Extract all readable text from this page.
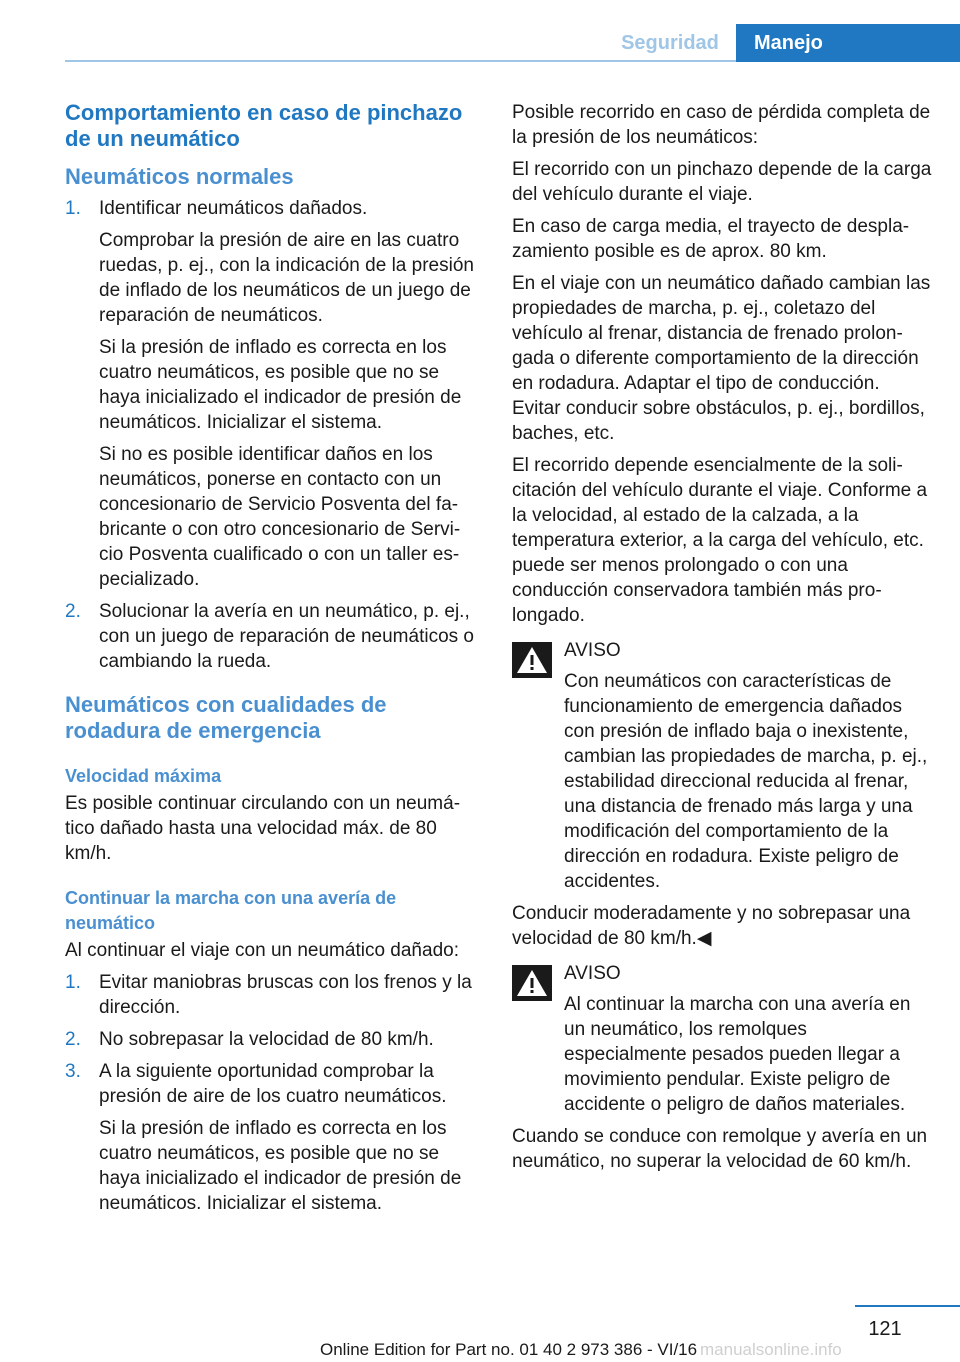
Seguridad	Manejo
Comportamiento en caso de pinchazo de un neumático
Neumáticos normales
1. Identificar neumáticos dañados.

Comprobar la presión de aire en las cuatro ruedas, p. ej., con la indicación de la presión de inflado de los neumáticos de un juego de reparación de neumáticos.

Si la presión de inflado es correcta en los cuatro neumáticos, es posible que no se haya inicializado el indicador de presión de neumáticos. Inicializar el sistema.

Si no es posible identificar daños en los neumáticos, ponerse en contacto con un concesionario de Servicio Posventa del fabricante o con otro concesionario de Servicio Posventa cualificado o con un taller especializado.

2. Solucionar la avería en un neumático, p. ej., con un juego de reparación de neumáticos o cambiando la rueda.

Neumáticos con cualidades de rodadura de emergencia
Velocidad máxima

Es posible continuar circulando con un neumático dañado hasta una velocidad máx. de 80 km/h.

Continuar la marcha con una avería de neumático

Al continuar el viaje con un neumático dañado:

1. Evitar maniobras bruscas con los frenos y la dirección.

2. No sobrepasar la velocidad de 80 km/h.

3. A la siguiente oportunidad comprobar la presión de aire de los cuatro neumáticos.

Si la presión de inflado es correcta en los cuatro neumáticos, es posible que no se haya inicializado el indicador de presión de neumáticos. Inicializar el sistema.

Posible recorrido en caso de pérdida completa de la presión de los neumáticos:

El recorrido con un pinchazo depende de la carga del vehículo durante el viaje.

En caso de carga media, el trayecto de desplazamiento posible es de aprox. 80 km.

En el viaje con un neumático dañado cambian las propiedades de marcha, p. ej., coletazo del vehículo al frenar, distancia de frenado prolongada o diferente comportamiento de la dirección en rodadura. Adaptar el tipo de conducción. Evitar conducir sobre obstáculos, p. ej., bordillos, baches, etc.

El recorrido depende esencialmente de la solicitación del vehículo durante el viaje. Conforme a la velocidad, al estado de la calzada, a la temperatura exterior, a la carga del vehículo, etc. puede ser menos prolongado o con una conducción conservadora también más prolongado.

AVISO

Con neumáticos con características de funcionamiento de emergencia dañados con presión de inflado baja o inexistente, cambian las propiedades de marcha, p. ej., estabilidad direccional reducida al frenar, una distancia de frenado más larga y una modificación del comportamiento de la dirección en rodadura. Existe peligro de accidentes.

Conducir moderadamente y no sobrepasar una velocidad de 80 km/h.◀

AVISO

Al continuar la marcha con una avería en un neumático, los remolques especialmente pesados pueden llegar a movimiento pendular. Existe peligro de accidente o peligro de daños materiales.

Cuando se conduce con remolque y avería en un neumático, no superar la velocidad de 60 km/h.

121
Online Edition for Part no. 01 40 2 973 386 - VI/16 manualsonline.info
